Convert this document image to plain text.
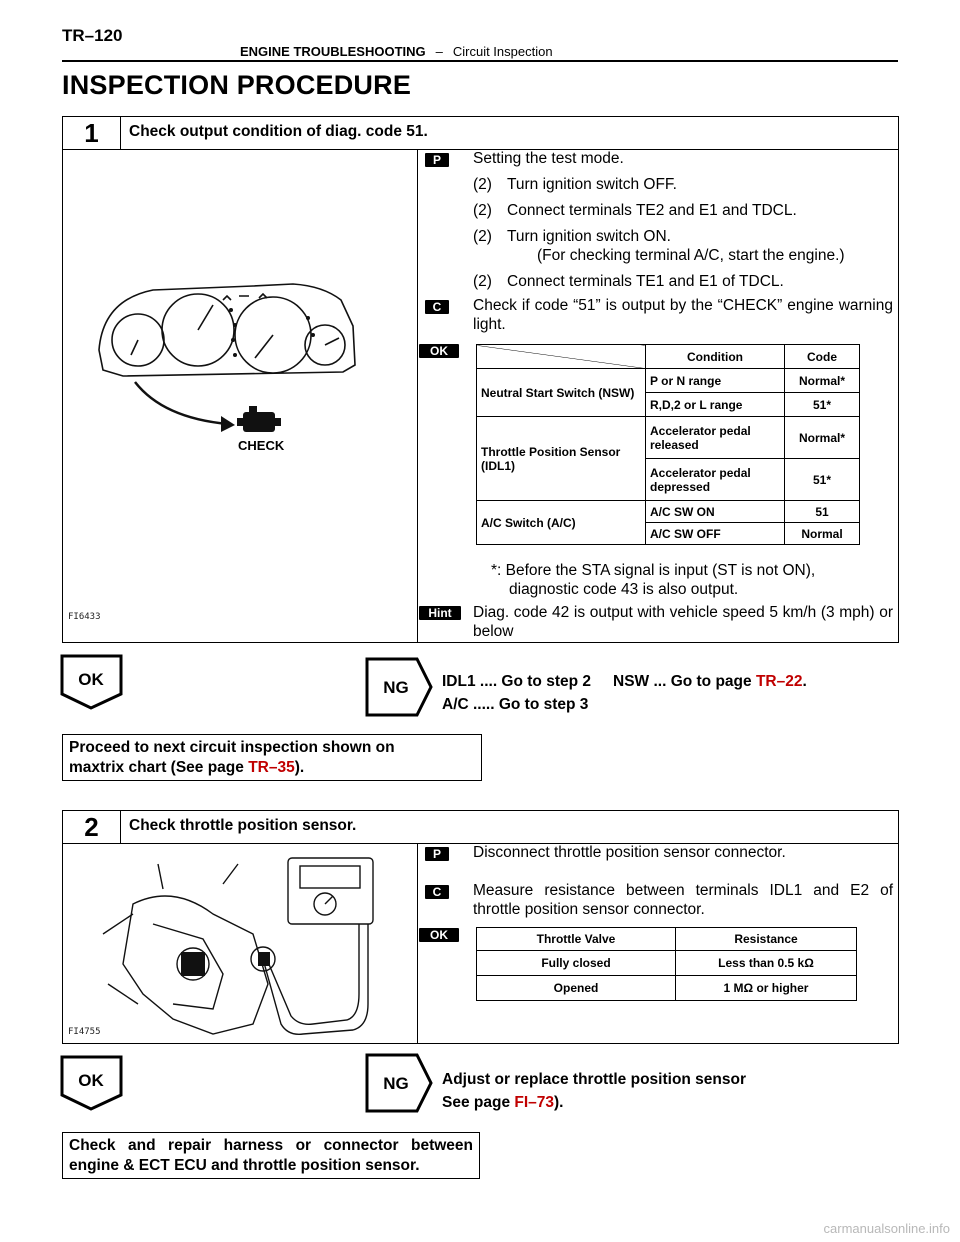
TR–120
ENGINE TROUBLESHOOTING – Circuit Inspection
INSPECTION PROCEDURE
1	Check output condition of diag. code 51.
CHECK
FI6433
P	Setting the test mode.
(2) Turn ignition switch OFF.
(2) Connect terminals TE2 and E1 and TDCL.
(2) Turn ignition switch ON.
(For checking terminal A/C, start the engine.)
(2) Connect terminals TE1 and E1 of TDCL.
C	Check if code “51” is output by the “CHECK” engine warning light.
OK
		Condition	Code
Neutral Start Switch (NSW)	P or N range	Normal*
	R,D,2 or L range	51*
Throttle Position Sensor (IDL1)	Accelerator pedal released	Normal*
	Accelerator pedal depressed	51*
A/C Switch (A/C)	A/C SW ON	51
	A/C SW OFF	Normal
*: Before the STA signal is input (ST is not ON), diagnostic code 43 is also output.
Hint	Diag. code 42 is output with vehicle speed 5 km/h (3 mph) or below
OK	NG IDL1 .... Go to step 2 NSW ... Go to page TR–22.
A/C ..... Go to step 3
Proceed to next circuit inspection shown on
maxtrix chart (See page TR–35).
2	Check throttle position sensor.
FI4755
P	Disconnect throttle position sensor connector.
C	Measure resistance between terminals IDL1 and E2 of throttle position sensor connector.
OK	Throttle Valve	Resistance
Fully closed	Less than 0.5 kΩ
Opened	1 MΩ or higher
OK	NG Adjust or replace throttle position sensor
See page FI–73).
Check and repair harness or connector between engine & ECT ECU and throttle position sensor.
carmanualsonline.info
